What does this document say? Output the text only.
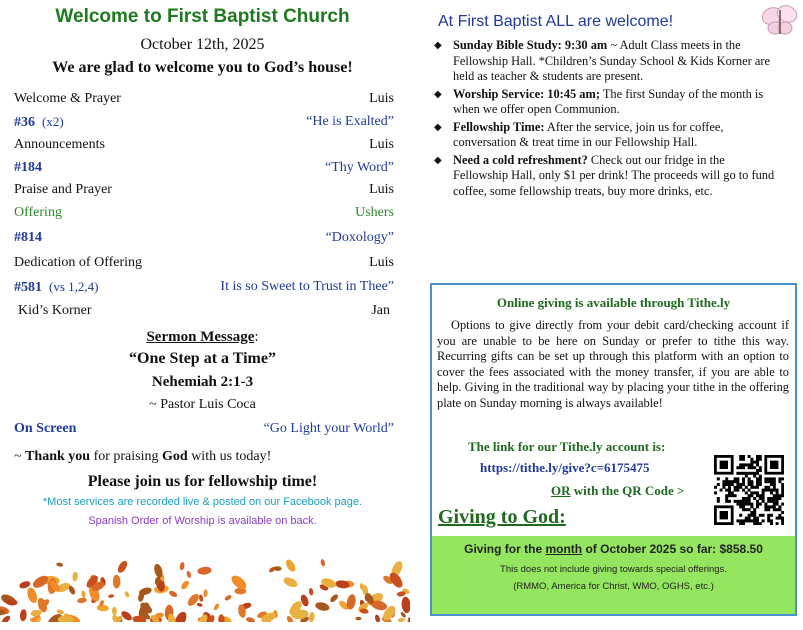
Welcome to First Baptist Church
October 12th, 2025
We are glad to welcome you to God’s house!
Welcome & Prayer	Luis
#36 (x2)	“He is Exalted”
Announcements	Luis
#184	“Thy Word”
Praise and Prayer	Luis
Offering	Ushers
#814	“Doxology”
Dedication of Offering	Luis
#581 (vs 1,2,4)	It is so Sweet to Trust in Thee”
Kid’s Korner	Jan
Sermon Message:
“One Step at a Time”
Nehemiah 2:1-3
~ Pastor Luis Coca
On Screen	“Go Light your World”
~ Thank you for praising God with us today!
Please join us for fellowship time!
*Most services are recorded live & posted on our Facebook page.
Spanish Order of Worship is available on back.
At First Baptist ALL are welcome!
◆ Sunday Bible Study: 9:30 am ~ Adult Class meets in the Fellowship Hall. *Children’s Sunday School & Kids Korner are held as teacher & students are present.
◆ Worship Service: 10:45 am; The first Sunday of the month is when we offer open Communion.
◆ Fellowship Time: After the service, join us for coffee, conversation & treat time in our Fellowship Hall.
◆ Need a cold refreshment? Check out our fridge in the Fellowship Hall, only $1 per drink! The proceeds will go to fund coffee, some fellowship treats, buy more drinks, etc.
Online giving is available through Tithe.ly
Options to give directly from your debit card/checking account if you are unable to be here on Sunday or prefer to tithe this way. Recurring gifts can be set up through this platform with an option to cover the fees associated with the money transfer, if you are able to help. Giving in the traditional way by placing your tithe in the offering plate on Sunday morning is always available!
The link for our Tithe.ly account is:
https://tithe.ly/give?c=6175475
OR with the QR Code >
Giving to God:
Giving for the month of October 2025 so far: $858.50
This does not include giving towards special offerings.
(RMMO, America for Christ, WMO, OGHS, etc.)
